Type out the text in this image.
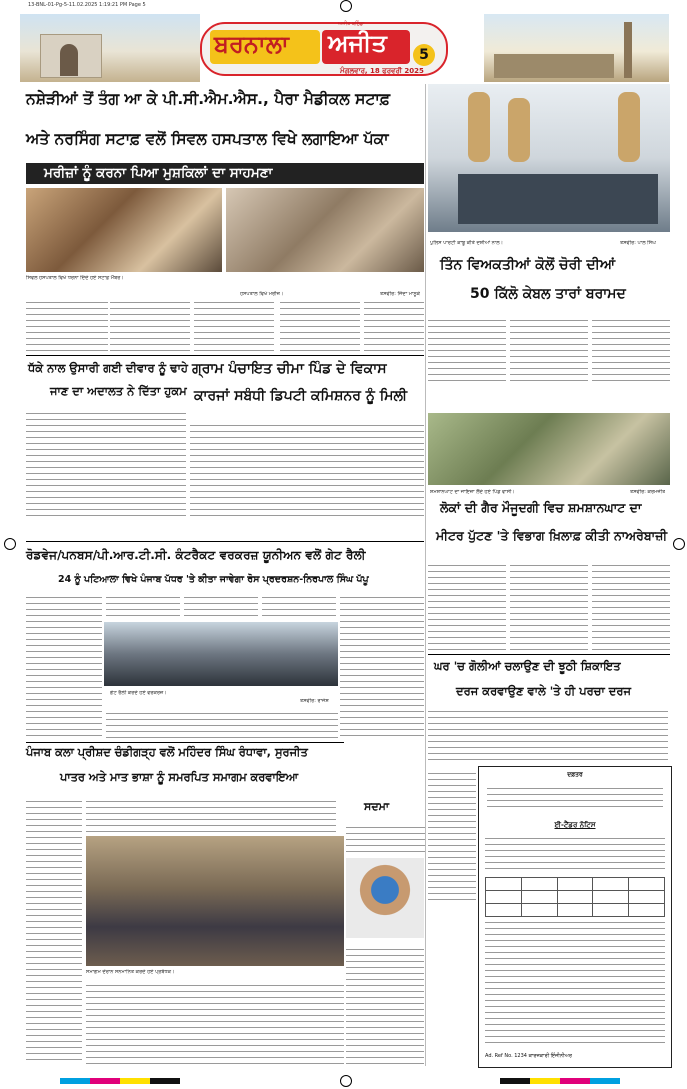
13-BNL-01-Pg-5-11.02.2025 1:19:21 PM Page 5
ਬਰਨਾਲਾ ਅਜੀਤ
ਅਜੀਤ ਬਠਿੰਡਾ
5
ਮੰਗਲਵਾਰ, 18 ਫਰਵਰੀ 2025
ਨਸ਼ੇੜੀਆਂ ਤੋਂ ਤੰਗ ਆ ਕੇ ਪੀ.ਸੀ.ਐਮ.ਐਸ., ਪੈਰਾ ਮੈਡੀਕਲ ਸਟਾਫ਼
ਅਤੇ ਨਰਸਿੰਗ ਸਟਾਫ਼ ਵਲੋਂ ਸਿਵਲ ਹਸਪਤਾਲ ਵਿਖੇ ਲਗਾਇਆ ਪੱਕਾ
ਮਰੀਜ਼ਾਂ ਨੂੰ ਕਰਨਾ ਪਿਆ ਮੁਸ਼ਕਿਲਾਂ ਦਾ ਸਾਹਮਣਾ
ਸਿਵਲ ਹਸਪਤਾਲ ਵਿਖੇ ਧਰਨਾ ਦਿੰਦੇ ਹੋਏ ਸਟਾਫ਼ ਮੈਂਬਰ।
ਹਸਪਤਾਲ ਵਿਖੇ ਮਰੀਜ਼।	ਤਸਵੀਰ: ਜਿੰਦਾ ਮਾਨੂਕੇ
ਪੁਲਿਸ ਪਾਰਟੀ ਕਾਬੂ ਕੀਤੇ ਦੋਸ਼ੀਆਂ ਨਾਲ।	ਤਸਵੀਰ: ਪਾਲ ਸਿੰਘ
ਤਿੰਨ ਵਿਅਕਤੀਆਂ ਕੋਲੋਂ ਚੋਰੀ ਦੀਆਂ
50 ਕਿੱਲੋ ਕੇਬਲ ਤਾਰਾਂ ਬਰਾਮਦ
ਧੱਕੇ ਨਾਲ ਉਸਾਰੀ ਗਈ ਦੀਵਾਰ ਨੂੰ ਢਾਹੇ
ਜਾਣ ਦਾ ਅਦਾਲਤ ਨੇ ਦਿੱਤਾ ਹੁਕਮ
ਗ੍ਰਾਮ ਪੰਚਾਇਤ ਚੀਮਾ ਪਿੰਡ ਦੇ ਵਿਕਾਸ
ਕਾਰਜਾਂ ਸਬੰਧੀ ਡਿਪਟੀ ਕਮਿਸ਼ਨਰ ਨੂੰ ਮਿਲੀ
ਸ਼ਮਸ਼ਾਨਘਾਟ ਦਾ ਜਾਇਜ਼ਾ ਲੈਂਦੇ ਹੋਏ ਪਿੰਡ ਵਾਸੀ।	ਤਸਵੀਰ: ਕਰਮਜੀਤ
ਲੋਕਾਂ ਦੀ ਗੈਰ ਮੌਜੂਦਗੀ ਵਿਚ ਸ਼ਮਸ਼ਾਨਘਾਟ ਦਾ
ਮੀਟਰ ਪੁੱਟਣ 'ਤੇ ਵਿਭਾਗ ਖ਼ਿਲਾਫ਼ ਕੀਤੀ ਨਾਅਰੇਬਾਜ਼ੀ
ਰੋਡਵੇਜ/ਪਨਬਸ/ਪੀ.ਆਰ.ਟੀ.ਸੀ. ਕੰਟਰੈਕਟ ਵਰਕਰਜ਼ ਯੂਨੀਅਨ ਵਲੋਂ ਗੇਟ ਰੈਲੀ
24 ਨੂੰ ਪਟਿਆਲਾ ਵਿਖੇ ਪੰਜਾਬ ਪੱਧਰ 'ਤੇ ਕੀਤਾ ਜਾਵੇਗਾ ਰੋਸ ਪ੍ਰਦਰਸ਼ਨ-ਨਿਰਪਾਲ ਸਿੰਘ ਪੱਪੂ
ਗੇਟ ਰੈਲੀ ਕਰਦੇ ਹੋਏ ਵਰਕਰਜ਼।
ਤਸਵੀਰ: ਰਾਜੇਸ਼
ਘਰ 'ਚ ਗੋਲੀਆਂ ਚਲਾਉਣ ਦੀ ਝੂਠੀ ਸ਼ਿਕਾਇਤ
ਦਰਜ ਕਰਵਾਉਣ ਵਾਲੇ 'ਤੇ ਹੀ ਪਰਚਾ ਦਰਜ
ਪੰਜਾਬ ਕਲਾ ਪ੍ਰੀਸ਼ਦ ਚੰਡੀਗੜ੍ਹ ਵਲੋਂ ਮਹਿੰਦਰ ਸਿੰਘ ਰੰਧਾਵਾ, ਸੁਰਜੀਤ
ਪਾਤਰ ਅਤੇ ਮਾਤ ਭਾਸ਼ਾ ਨੂੰ ਸਮਰਪਿਤ ਸਮਾਗਮ ਕਰਵਾਇਆ
ਸਮਾਗਮ ਦੌਰਾਨ ਸਨਮਾਨਿਤ ਕਰਦੇ ਹੋਏ ਪ੍ਰਬੰਧਕ।
ਸਦਮਾ
ਦਫ਼ਤਰ
ਈ-ਟੈਂਡਰ ਨੋਟਿਸ

Ad. Ref No. 1234 ਕਾਰਜਕਾਰੀ ਇੰਜੀਨੀਅਰ
